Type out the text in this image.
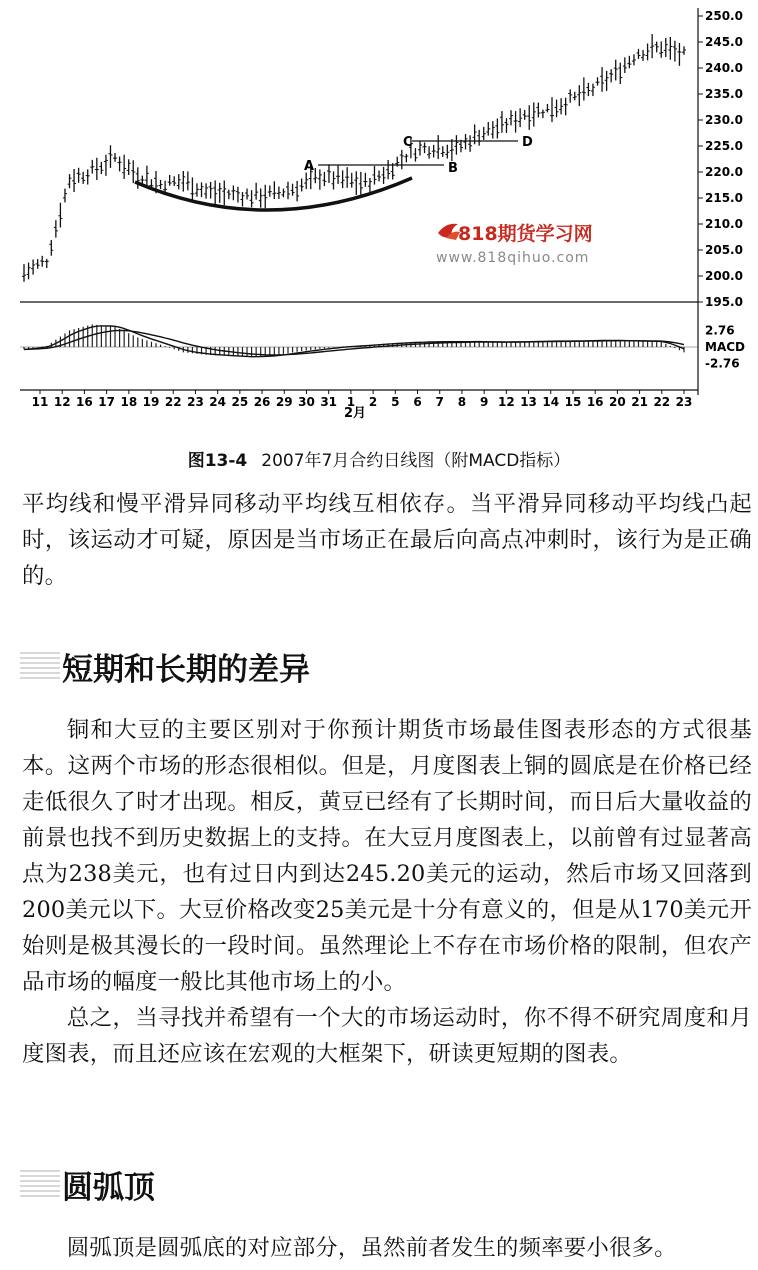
818期货学习网
www.818qihuo.com
A	B
C	D
250.0
245.0
240.0
235.0
230.0
225.0
220.0
215.0
210.0
205.0
200.0
195.0
2.76
MACD
-2.76
11 12 16 17 18 19 22 23 24 25 26 29 30 31 1 2 5 6 7 8 9 12 13 14 15 16 20 21 22 23
2月
图13-4 2007年7月合约日线图（附MACD指标）

平均线和慢平滑异同移动平均线互相依存。当平滑异同移动平均线凸起时，该运动才可疑，原因是当市场正在最后向高点冲刺时，该行为是正确的。

短期和长期的差异

铜和大豆的主要区别对于你预计期货市场最佳图表形态的方式很基本。这两个市场的形态很相似。但是，月度图表上铜的圆底是在价格已经走低很久了时才出现。相反，黄豆已经有了长期时间，而日后大量收益的前景也找不到历史数据上的支持。在大豆月度图表上，以前曾有过显著高点为238美元，也有过日内到达245.20美元的运动，然后市场又回落到200美元以下。大豆价格改变25美元是十分有意义的，但是从170美元开始则是极其漫长的一段时间。虽然理论上不存在市场价格的限制，但农产品市场的幅度一般比其他市场上的小。

总之，当寻找并希望有一个大的市场运动时，你不得不研究周度和月度图表，而且还应该在宏观的大框架下，研读更短期的图表。

圆弧顶

圆弧顶是圆弧底的对应部分，虽然前者发生的频率要小很多。
